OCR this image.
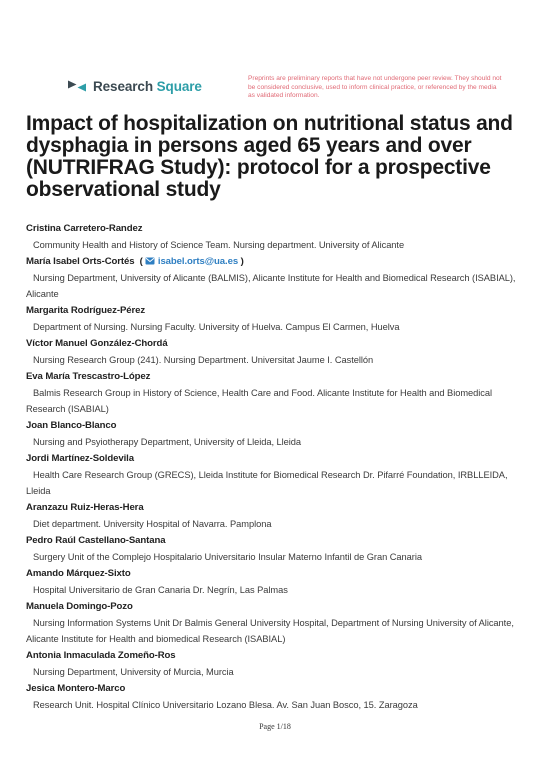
Research Square	Preprints are preliminary reports that have not undergone peer review. They should not be considered conclusive, used to inform clinical practice, or referenced by the media as validated information.
Impact of hospitalization on nutritional status and dysphagia in persons aged 65 years and over (NUTRIFRAG Study): protocol for a prospective observational study
Cristina Carretero-Randez
Community Health and History of Science Team. Nursing department. University of Alicante
María Isabel Orts-Cortés  (  isabel.orts@ua.es )
Nursing Department, University of Alicante (BALMIS), Alicante Institute for Health and Biomedical Research (ISABIAL), Alicante
Margarita Rodríguez-Pérez
Department of Nursing. Nursing Faculty. University of Huelva. Campus El Carmen, Huelva
Víctor Manuel González-Chordá
Nursing Research Group (241). Nursing Department. Universitat Jaume I. Castellón
Eva María Trescastro-López
Balmis Research Group in History of Science, Health Care and Food. Alicante Institute for Health and Biomedical Research (ISABIAL)
Joan Blanco-Blanco
Nursing and Psyiotherapy Department, University of Lleida, Lleida
Jordi Martínez-Soldevila
Health Care Research Group (GRECS), Lleida Institute for Biomedical Research Dr. Pifarré Foundation, IRBLLEIDA, Lleida
Aranzazu Ruiz-Heras-Hera
Diet department. University Hospital of Navarra. Pamplona
Pedro Raúl Castellano-Santana
Surgery Unit of the Complejo Hospitalario Universitario Insular Materno Infantil de Gran Canaria
Amando Márquez-Sixto
Hospital Universitario de Gran Canaria Dr. Negrín, Las Palmas
Manuela Domingo-Pozo
Nursing Information Systems Unit Dr Balmis General University Hospital, Department of Nursing University of Alicante, Alicante Institute for Health and biomedical Research (ISABIAL)
Antonia Inmaculada Zomeño-Ros
Nursing Department, University of Murcia, Murcia
Jesica Montero-Marco
Research Unit. Hospital Clínico Universitario Lozano Blesa. Av. San Juan Bosco, 15. Zaragoza
Page 1/18
